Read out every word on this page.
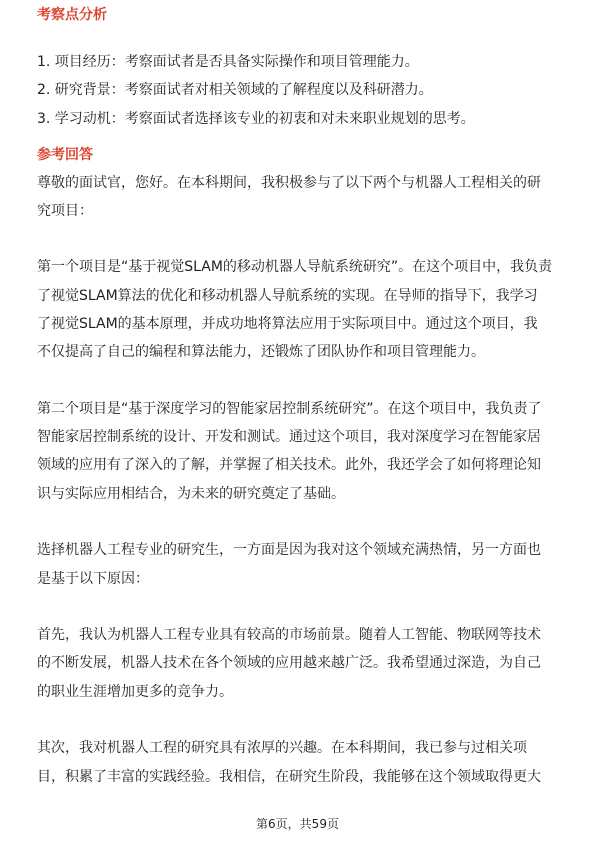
考察点分析

1. 项目经历：考察面试者是否具备实际操作和项目管理能力。

2. 研究背景：考察面试者对相关领域的了解程度以及科研潜力。

3. 学习动机：考察面试者选择该专业的初衷和对未来职业规划的思考。

参考回答

尊敬的面试官，您好。在本科期间，我积极参与了以下两个与机器人工程相关的研

究项目：

第一个项目是“基于视觉SLAM的移动机器人导航系统研究”。在这个项目中，我负责

了视觉SLAM算法的优化和移动机器人导航系统的实现。在导师的指导下，我学习

了视觉SLAM的基本原理，并成功地将算法应用于实际项目中。通过这个项目，我

不仅提高了自己的编程和算法能力，还锻炼了团队协作和项目管理能力。

第二个项目是“基于深度学习的智能家居控制系统研究”。在这个项目中，我负责了

智能家居控制系统的设计、开发和测试。通过这个项目，我对深度学习在智能家居

领域的应用有了深入的了解，并掌握了相关技术。此外，我还学会了如何将理论知

识与实际应用相结合，为未来的研究奠定了基础。

选择机器人工程专业的研究生，一方面是因为我对这个领域充满热情，另一方面也

是基于以下原因：

首先，我认为机器人工程专业具有较高的市场前景。随着人工智能、物联网等技术

的不断发展，机器人技术在各个领域的应用越来越广泛。我希望通过深造，为自己

的职业生涯增加更多的竞争力。

其次，我对机器人工程的研究具有浓厚的兴趣。在本科期间，我已参与过相关项

目，积累了丰富的实践经验。我相信，在研究生阶段，我能够在这个领域取得更大

第6页，共59页
